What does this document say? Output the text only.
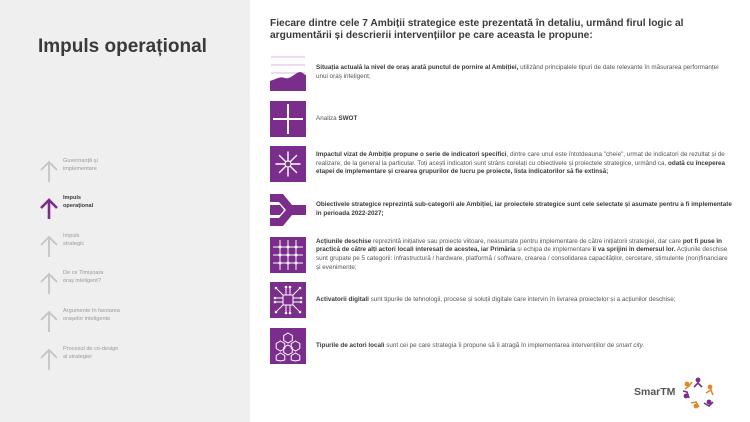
Impuls operațional
Guvernanță și
implementare
Impuls
operațional
Impuls
strategic
De ce Timișoara
oraș inteligent?
Argumente în favoarea
orașelor inteligente
Procesul de co-design
al strategiei
Fiecare dintre cele 7 Ambiții strategice este prezentată în detaliu, urmând firul logic al argumentării și descrierii intervențiilor pe care aceasta le propune:

Situația actuală la nivel de oraș arată punctul de pornire al Ambiției, utilizând principalele tipuri de date relevante în măsurarea performanței unui oraș inteligent;

Analiza SWOT

Impactul vizat de Ambiție propune o serie de indicatori specifici, dintre care unul este întotdeauna "cheie", urmat de indicatori de rezultat și de realizare, de la general la particular. Toți acești indicatori sunt strâns corelați cu obiectivele și proiectele strategice, urmând ca, odată cu începerea etapei de implementare și crearea grupurilor de lucru pe proiecte, lista indicatorilor să fie extinsă;

Obiectivele strategice reprezintă sub-categorii ale Ambiției, iar proiectele strategice sunt cele selectate și asumate pentru a fi implementate în perioada 2022-2027;

Acțiunile deschise reprezintă inițiative sau proiecte viitoare, neasumate pentru implementare de către inițiatorii strategiei, dar care pot fi puse în practică de către alți actori locali interesați de acestea, iar Primăria și echipa de implementare îi va sprijini în demersul lor. Acțiunile deschise sunt grupate pe 5 categorii: infrastructură / hardware, platformă / software, crearea / consolidarea capacităților, cercetare, stimulente (non)financiare și evenimente;

Activatorii digitali sunt tipurile de tehnologii, procese și soluții digitale care intervin în livrarea proiectelor și a acțiunilor deschise;

Tipurile de actori locali sunt cei pe care strategia îi propune să îi atragă în implementarea intervențiilor de smart city.

SmarTM
